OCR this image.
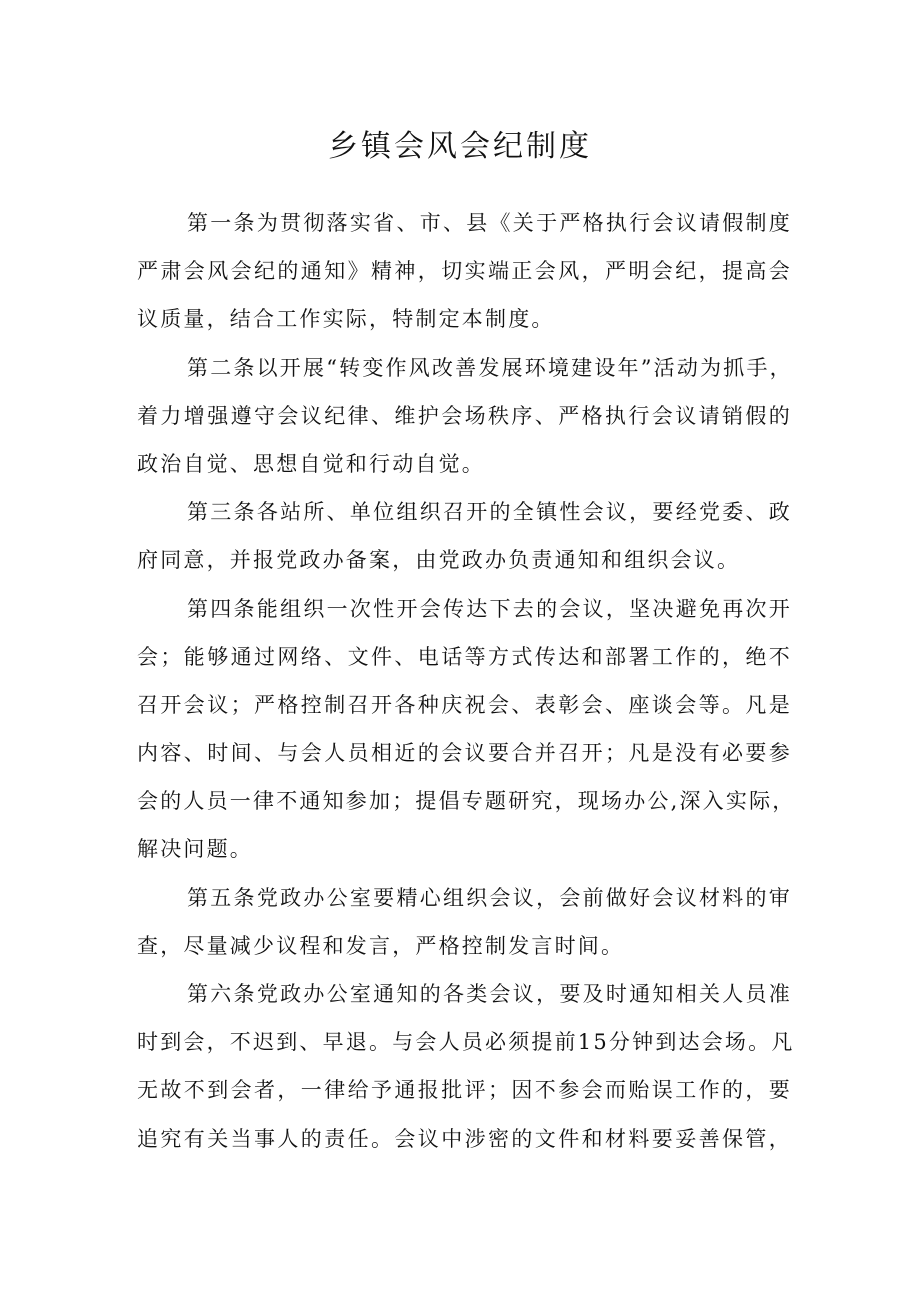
乡镇会风会纪制度
第一条为贯彻落实省、市、县《关于严格执行会议请假制度
严肃会风会纪的通知》精神，切实端正会风，严明会纪，提高会
议质量，结合工作实际，特制定本制度。
第二条以开展“转变作风改善发展环境建设年”活动为抓手，
着力增强遵守会议纪律、维护会场秩序、严格执行会议请销假的
政治自觉、思想自觉和行动自觉。
第三条各站所、单位组织召开的全镇性会议，要经党委、政
府同意，并报党政办备案，由党政办负责通知和组织会议。
第四条能组织一次性开会传达下去的会议，坚决避免再次开
会；能够通过网络、文件、电话等方式传达和部署工作的，绝不
召开会议；严格控制召开各种庆祝会、表彰会、座谈会等。凡是
内容、时间、与会人员相近的会议要合并召开；凡是没有必要参
会的人员一律不通知参加；提倡专题研究，现场办公,深入实际，
解决问题。
第五条党政办公室要精心组织会议，会前做好会议材料的审
查，尽量减少议程和发言，严格控制发言时间。
第六条党政办公室通知的各类会议，要及时通知相关人员准
时到会，不迟到、早退。与会人员必须提前15分钟到达会场。凡
无故不到会者，一律给予通报批评；因不参会而贻误工作的，要
追究有关当事人的责任。会议中涉密的文件和材料要妥善保管，
